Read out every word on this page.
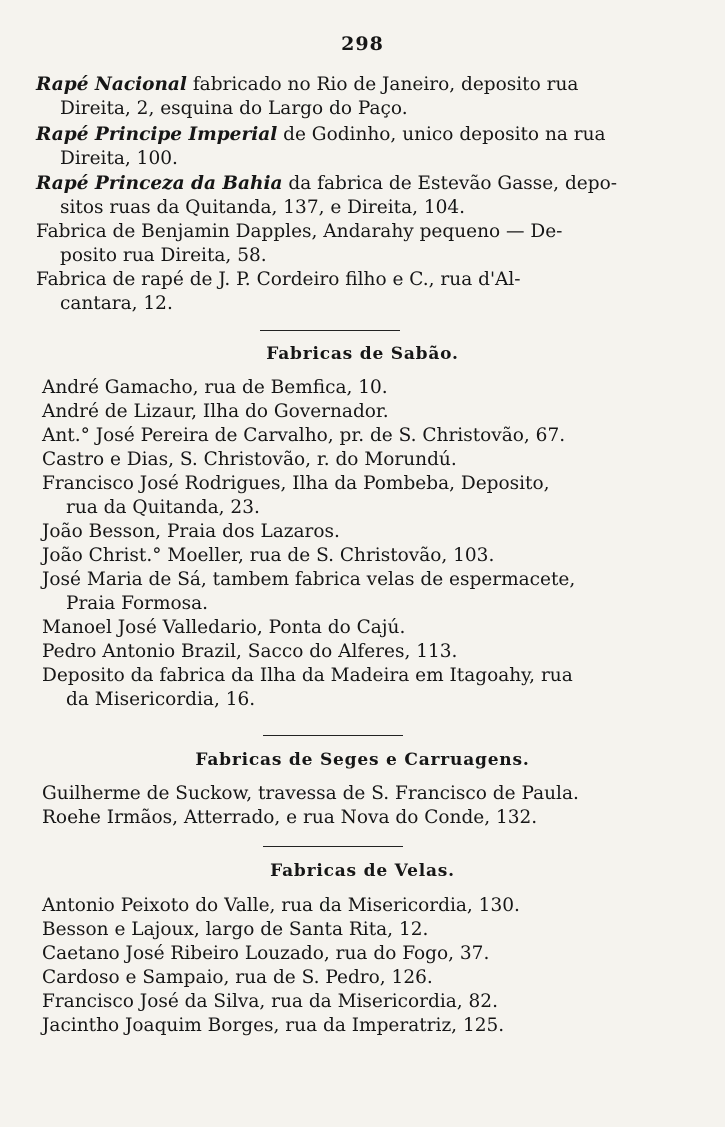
298
Rapé Nacional fabricado no Rio de Janeiro, deposito rua
Direita, 2, esquina do Largo do Paço.
Rapé Principe Imperial de Godinho, unico deposito na rua
Direita, 100.
Rapé Princeza da Bahia da fabrica de Estevão Gasse, depo-
sitos ruas da Quitanda, 137, e Direita, 104.
Fabrica de Benjamin Dapples, Andarahy pequeno — De-
posito rua Direita, 58.
Fabrica de rapé de J. P. Cordeiro filho e C., rua d'Al-
cantara, 12.
Fabricas de Sabão.
André Gamacho, rua de Bemfica, 10.
André de Lizaur, Ilha do Governador.
Ant.° José Pereira de Carvalho, pr. de S. Christovão, 67.
Castro e Dias, S. Christovão, r. do Morundú.
Francisco José Rodrigues, Ilha da Pombeba, Deposito,
rua da Quitanda, 23.
João Besson, Praia dos Lazaros.
João Christ.° Moeller, rua de S. Christovão, 103.
José Maria de Sá, tambem fabrica velas de espermacete,
Praia Formosa.
Manoel José Valledario, Ponta do Cajú.
Pedro Antonio Brazil, Sacco do Alferes, 113.
Deposito da fabrica da Ilha da Madeira em Itagoahy, rua
da Misericordia, 16.
Fabricas de Seges e Carruagens.
Guilherme de Suckow, travessa de S. Francisco de Paula.
Roehe Irmãos, Atterrado, e rua Nova do Conde, 132.
Fabricas de Velas.
Antonio Peixoto do Valle, rua da Misericordia, 130.
Besson e Lajoux, largo de Santa Rita, 12.
Caetano José Ribeiro Louzado, rua do Fogo, 37.
Cardoso e Sampaio, rua de S. Pedro, 126.
Francisco José da Silva, rua da Misericordia, 82.
Jacintho Joaquim Borges, rua da Imperatriz, 125.
